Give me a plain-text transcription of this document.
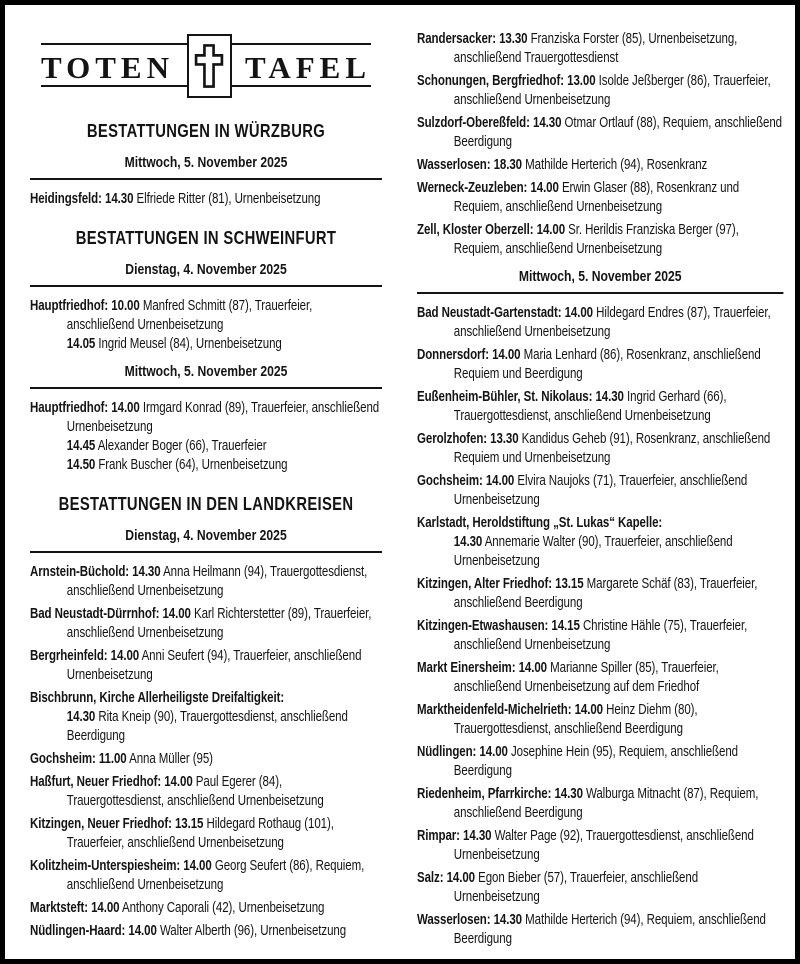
TOTEN TAFEL
BESTATTUNGEN IN WÜRZBURG
Mittwoch, 5. November 2025
Heidingsfeld: 14.30 Elfriede Ritter (81), Urnenbeisetzung
BESTATTUNGEN IN SCHWEINFURT
Dienstag, 4. November 2025
Hauptfriedhof: 10.00 Manfred Schmitt (87), Trauerfeier, anschließend Urnenbeisetzung
14.05 Ingrid Meusel (84), Urnenbeisetzung
Mittwoch, 5. November 2025
Hauptfriedhof: 14.00 Irmgard Konrad (89), Trauerfeier, anschließend Urnenbeisetzung
14.45 Alexander Boger (66), Trauerfeier
14.50 Frank Buscher (64), Urnenbeisetzung
BESTATTUNGEN IN DEN LANDKREISEN
Dienstag, 4. November 2025
Arnstein-Büchold: 14.30 Anna Heilmann (94), Trauergottesdienst, anschließend Urnenbeisetzung
Bad Neustadt-Dürrnhof: 14.00 Karl Richterstetter (89), Trauerfeier, anschließend Urnenbeisetzung
Bergrheinfeld: 14.00 Anni Seufert (94), Trauerfeier, anschließend Urnenbeisetzung
Bischbrunn, Kirche Allerheiligste Dreifaltigkeit:
14.30 Rita Kneip (90), Trauergottesdienst, anschließend Beerdigung
Gochsheim: 11.00 Anna Müller (95)
Haßfurt, Neuer Friedhof: 14.00 Paul Egerer (84), Trauergottesdienst, anschließend Urnenbeisetzung
Kitzingen, Neuer Friedhof: 13.15 Hildegard Rothaug (101), Trauerfeier, anschließend Urnenbeisetzung
Kolitzheim-Unterspiesheim: 14.00 Georg Seufert (86), Requiem, anschließend Urnenbeisetzung
Marktsteft: 14.00 Anthony Caporali (42), Urnenbeisetzung
Nüdlingen-Haard: 14.00 Walter Alberth (96), Urnenbeisetzung
Randersacker: 13.30 Franziska Forster (85), Urnenbeisetzung, anschließend Trauergottesdienst
Schonungen, Bergfriedhof: 13.00 Isolde Jeßberger (86), Trauerfeier, anschließend Urnenbeisetzung
Sulzdorf-Obereßfeld: 14.30 Otmar Ortlauf (88), Requiem, anschließend Beerdigung
Wasserlosen: 18.30 Mathilde Herterich (94), Rosenkranz
Werneck-Zeuzleben: 14.00 Erwin Glaser (88), Rosenkranz und Requiem, anschließend Urnenbeisetzung
Zell, Kloster Oberzell: 14.00 Sr. Herildis Franziska Berger (97), Requiem, anschließend Urnenbeisetzung
Mittwoch, 5. November 2025
Bad Neustadt-Gartenstadt: 14.00 Hildegard Endres (87), Trauerfeier, anschließend Urnenbeisetzung
Donnersdorf: 14.00 Maria Lenhard (86), Rosenkranz, anschließend Requiem und Beerdigung
Eußenheim-Bühler, St. Nikolaus: 14.30 Ingrid Gerhard (66), Trauergottesdienst, anschließend Urnenbeisetzung
Gerolzhofen: 13.30 Kandidus Geheb (91), Rosenkranz, anschließend Requiem und Urnenbeisetzung
Gochsheim: 14.00 Elvira Naujoks (71), Trauerfeier, anschließend Urnenbeisetzung
Karlstadt, Heroldstiftung „St. Lukas“ Kapelle:
14.30 Annemarie Walter (90), Trauerfeier, anschließend Urnenbeisetzung
Kitzingen, Alter Friedhof: 13.15 Margarete Schäf (83), Trauerfeier, anschließend Beerdigung
Kitzingen-Etwashausen: 14.15 Christine Hähle (75), Trauerfeier, anschließend Urnenbeisetzung
Markt Einersheim: 14.00 Marianne Spiller (85), Trauerfeier, anschließend Urnenbeisetzung auf dem Friedhof
Marktheidenfeld-Michelrieth: 14.00 Heinz Diehm (80), Trauergottesdienst, anschließend Beerdigung
Nüdlingen: 14.00 Josephine Hein (95), Requiem, anschließend Beerdigung
Riedenheim, Pfarrkirche: 14.30 Walburga Mitnacht (87), Requiem, anschließend Beerdigung
Rimpar: 14.30 Walter Page (92), Trauergottesdienst, anschließend Urnenbeisetzung
Salz: 14.00 Egon Bieber (57), Trauerfeier, anschließend Urnenbeisetzung
Wasserlosen: 14.30 Mathilde Herterich (94), Requiem, anschließend Beerdigung
